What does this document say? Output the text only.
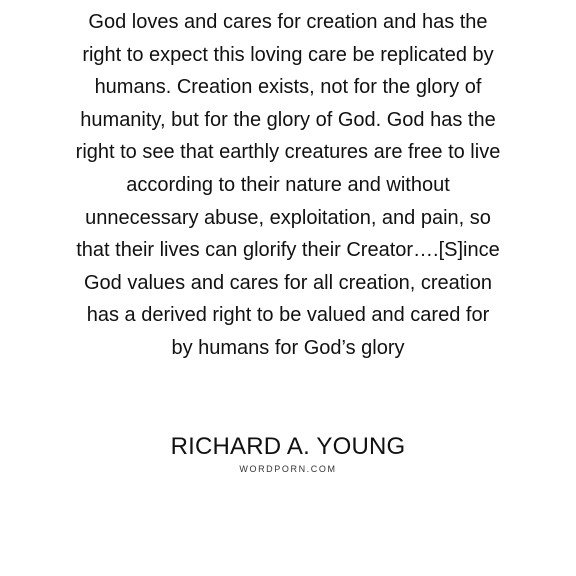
God loves and cares for creation and has the
right to expect this loving care be replicated by
humans. Creation exists, not for the glory of
humanity, but for the glory of God. God has the
right to see that earthly creatures are free to live
according to their nature and without
unnecessary abuse, exploitation, and pain, so
that their lives can glorify their Creator….[S]ince
God values and cares for all creation, creation
has a derived right to be valued and cared for
by humans for God’s glory
RICHARD A. YOUNG
WORDPORN.COM
